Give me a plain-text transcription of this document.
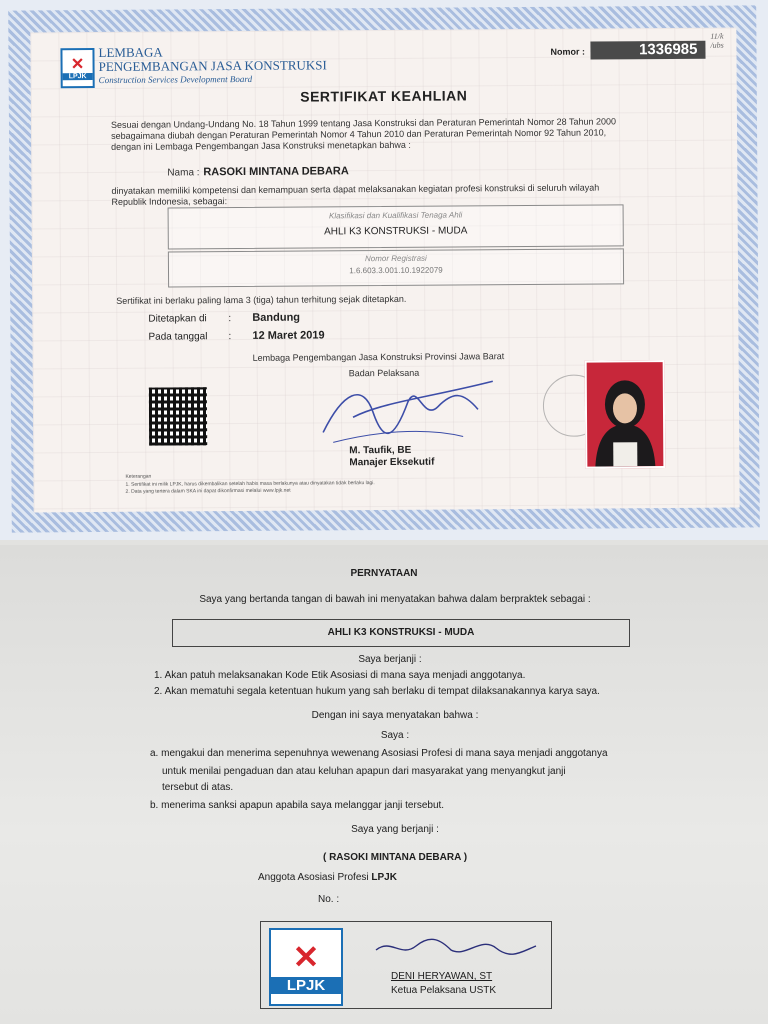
✕
LPJK
LEMBAGA
PENGEMBANGAN JASA KONSTRUKSI
Construction Services Development Board
Nomor :	1336985
11/k
/ubs
SERTIFIKAT KEAHLIAN
Sesuai dengan Undang-Undang No. 18 Tahun 1999 tentang Jasa Konstruksi dan Peraturan Pemerintah Nomor 28 Tahun 2000
sebagaimana diubah dengan Peraturan Pemerintah Nomor 4 Tahun 2010 dan Peraturan Pemerintah Nomor 92 Tahun 2010,
dengan ini Lembaga Pengembangan Jasa Konstruksi menetapkan bahwa :
Nama : RASOKI MINTANA DEBARA
dinyatakan memiliki kompetensi dan kemampuan serta dapat melaksanakan kegiatan profesi konstruksi di seluruh wilayah
Republik Indonesia, sebagai:
Klasifikasi dan Kualifikasi Tenaga Ahli
AHLI K3 KONSTRUKSI - MUDA
Nomor Registrasi
1.6.603.3.001.10.1922079
Sertifikat ini berlaku paling lama 3 (tiga) tahun terhitung sejak ditetapkan.
Ditetapkan di : Bandung
Pada tanggal : 12 Maret 2019
Lembaga Pengembangan Jasa Konstruksi Provinsi Jawa Barat
Badan Pelaksana
M. Taufik, BE
Manajer Eksekutif
Keterangan
1. Sertifikat ini milik LPJK, harus dikembalikan setelah habis masa berlakunya atau dinyatakan tidak berlaku lagi.
2. Data yang tertera dalam SKA ini dapat dikonfirmasi melalui www.lpjk.net
PERNYATAAN
Saya yang bertanda tangan di bawah ini menyatakan bahwa dalam berpraktek sebagai :
AHLI K3 KONSTRUKSI - MUDA
Saya berjanji :
1. Akan patuh melaksanakan Kode Etik Asosiasi di mana saya menjadi anggotanya.
2. Akan mematuhi segala ketentuan hukum yang sah berlaku di tempat dilaksanakannya karya saya.
Dengan ini saya menyatakan bahwa :
Saya :
a. mengakui dan menerima sepenuhnya wewenang Asosiasi Profesi di mana saya menjadi anggotanya
untuk menilai pengaduan dan atau keluhan apapun dari masyarakat yang menyangkut janji
tersebut di atas.
b. menerima sanksi apapun apabila saya melanggar janji tersebut.
Saya yang berjanji :
( RASOKI MINTANA DEBARA )
Anggota Asosiasi Profesi LPJK
No. :
✕
LPJK	DENI HERYAWAN, ST
Ketua Pelaksana USTK
